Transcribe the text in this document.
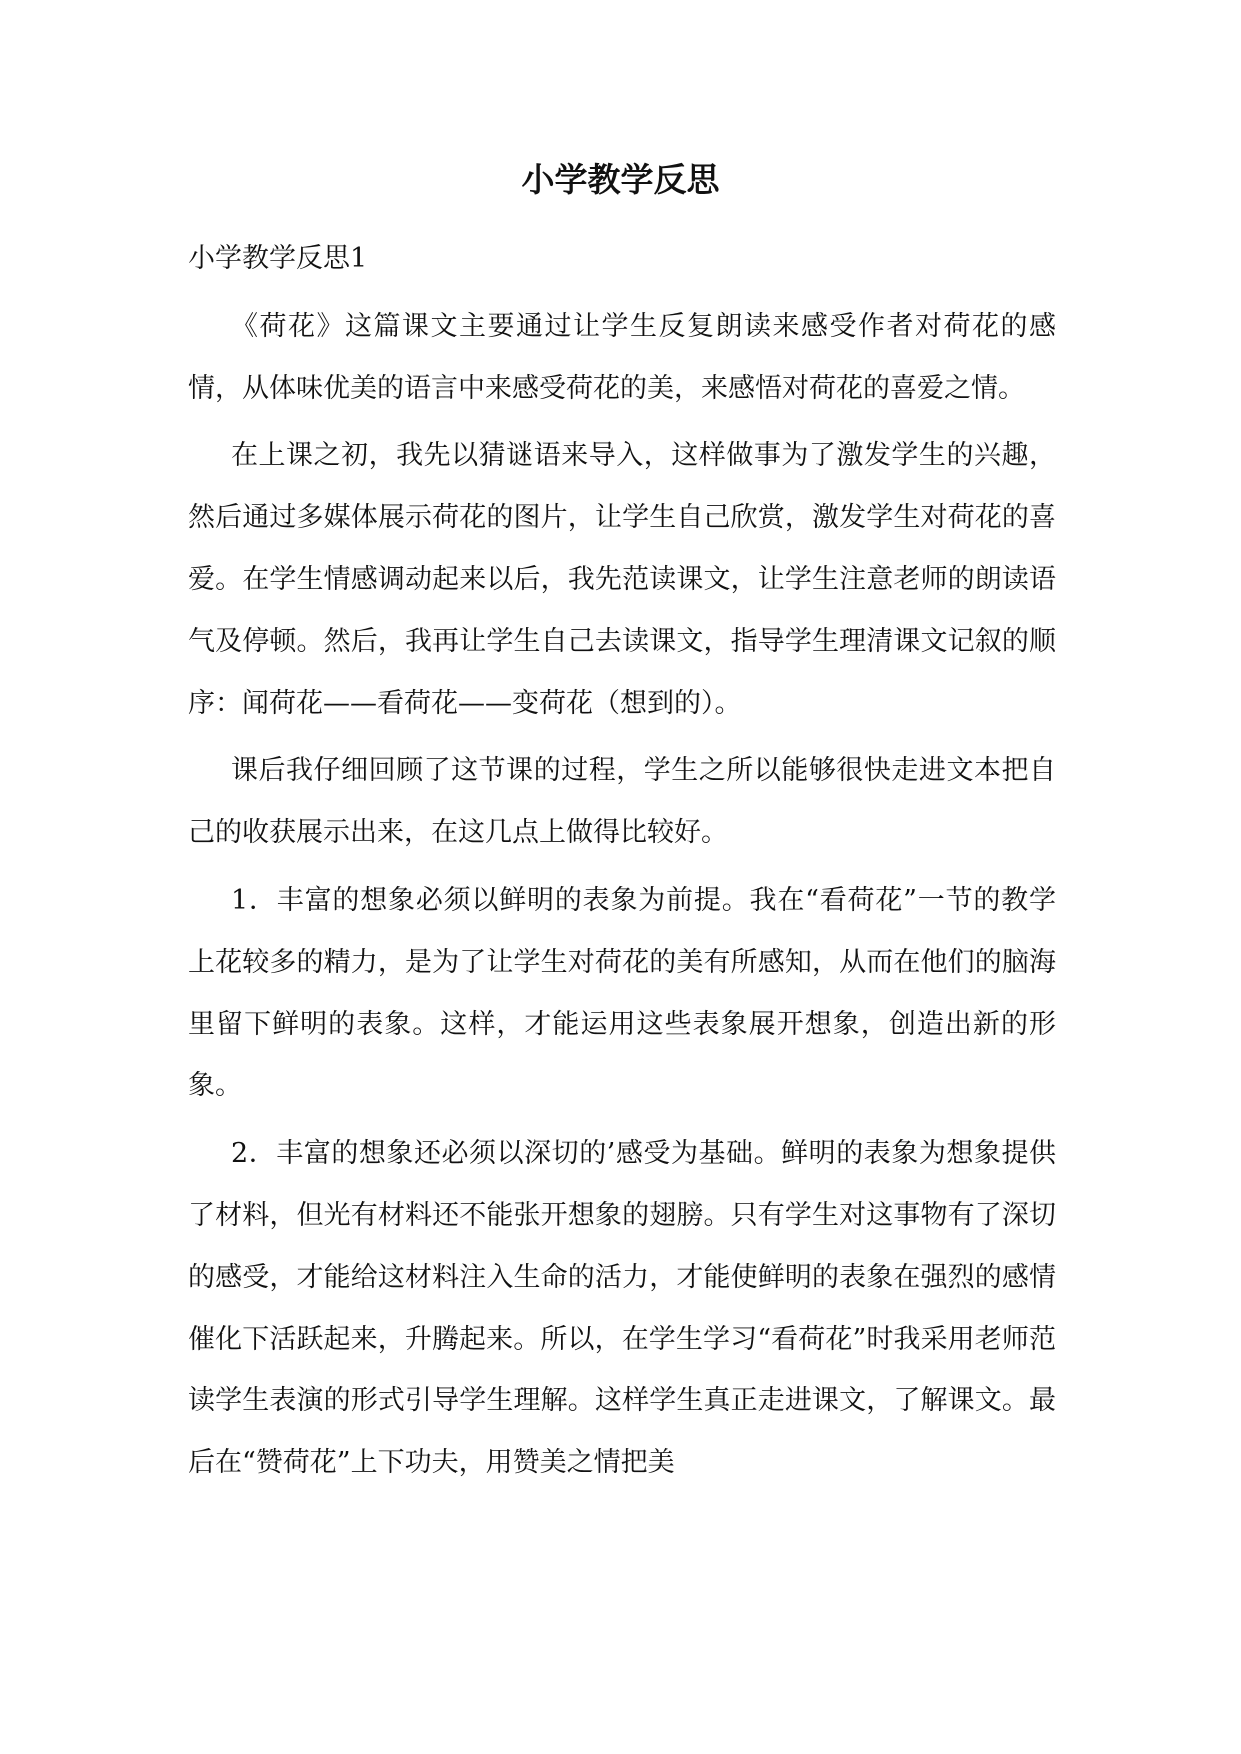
小学教学反思

小学教学反思1

《荷花》这篇课文主要通过让学生反复朗读来感受作者对荷花的感情，从体味优美的语言中来感受荷花的美，来感悟对荷花的喜爱之情。

在上课之初，我先以猜谜语来导入，这样做事为了激发学生的兴趣，然后通过多媒体展示荷花的图片，让学生自己欣赏，激发学生对荷花的喜爱。在学生情感调动起来以后，我先范读课文，让学生注意老师的朗读语气及停顿。然后，我再让学生自己去读课文，指导学生理清课文记叙的顺序：闻荷花——看荷花——变荷花（想到的）。

课后我仔细回顾了这节课的过程，学生之所以能够很快走进文本把自己的收获展示出来，在这几点上做得比较好。

1．丰富的想象必须以鲜明的表象为前提。我在“看荷花”一节的教学上花较多的精力，是为了让学生对荷花的美有所感知，从而在他们的脑海里留下鲜明的表象。这样，才能运用这些表象展开想象，创造出新的形象。

2．丰富的想象还必须以深切的’感受为基础。鲜明的表象为想象提供了材料，但光有材料还不能张开想象的翅膀。只有学生对这事物有了深切的感受，才能给这材料注入生命的活力，才能使鲜明的表象在强烈的感情催化下活跃起来，升腾起来。所以，在学生学习“看荷花”时我采用老师范读学生表演的形式引导学生理解。这样学生真正走进课文，了解课文。最后在“赞荷花”上下功夫，用赞美之情把美
